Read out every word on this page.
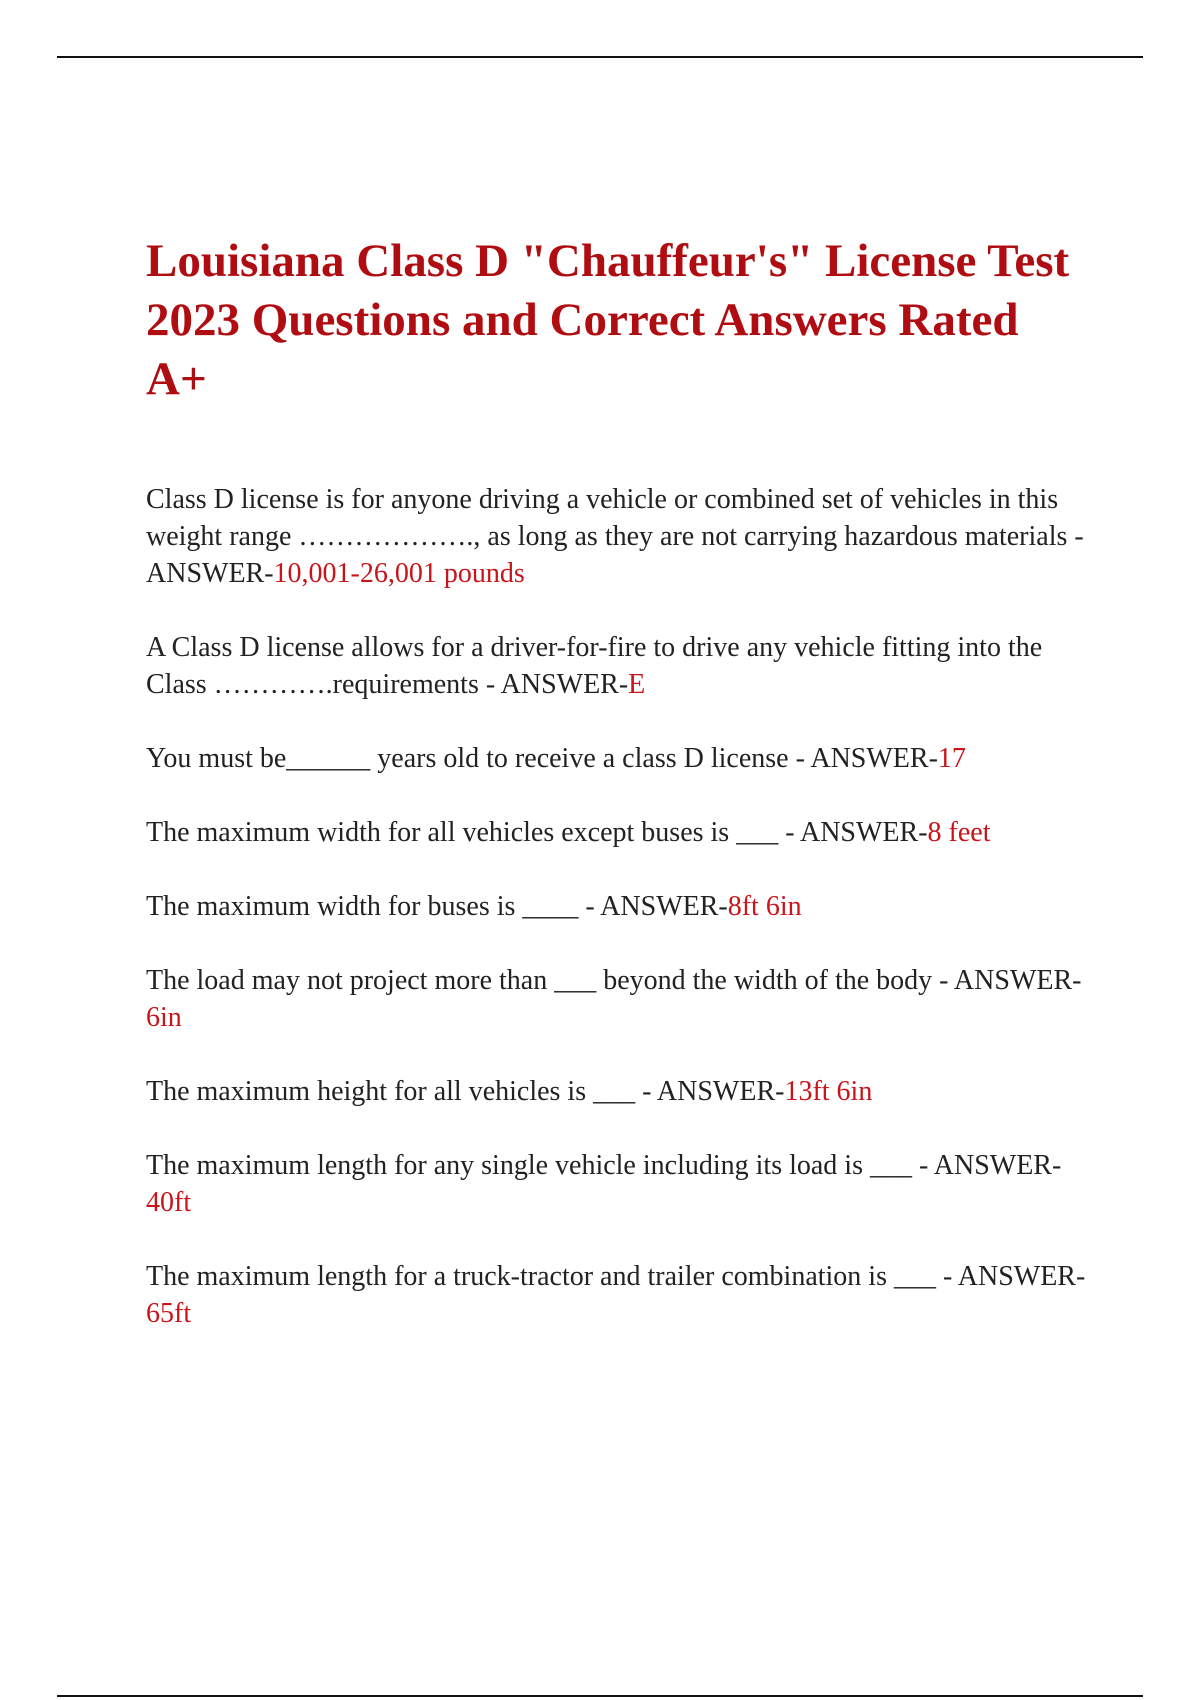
Louisiana Class D "Chauffeur's" License Test 2023 Questions and Correct Answers Rated A+

Class D license is for anyone driving a vehicle or combined set of vehicles in this weight range ………………., as long as they are not carrying hazardous materials - ANSWER-10,001-26,001 pounds

A Class D license allows for a driver-for-fire to drive any vehicle fitting into the Class ………….requirements - ANSWER-E

You must be______ years old to receive a class D license - ANSWER-17

The maximum width for all vehicles except buses is ___ - ANSWER-8 feet

The maximum width for buses is ____ - ANSWER-8ft 6in

The load may not project more than ___ beyond the width of the body - ANSWER-6in

The maximum height for all vehicles is ___ - ANSWER-13ft 6in

The maximum length for any single vehicle including its load is ___ - ANSWER-40ft

The maximum length for a truck-tractor and trailer combination is ___ - ANSWER-65ft
